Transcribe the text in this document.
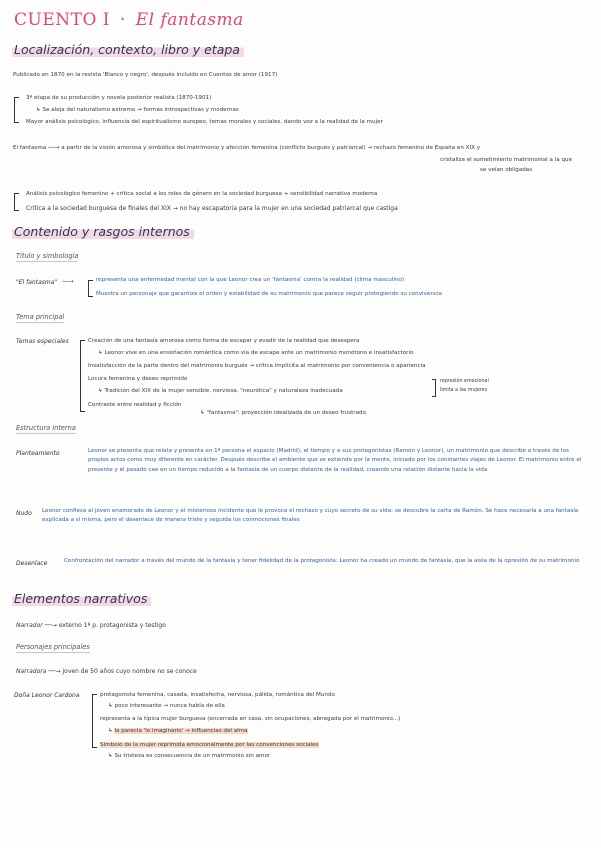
CUENTO I · El fantasma
Localización, contexto, libro y etapa
Publicado en 1870 en la revista 'Blanco y negro', después incluido en Cuentos de amor (1917)
3ª etapa de su producción y novela posterior realista (1870-1901)
↳ Se aleja del naturalismo extremo → formas introspectivas y modernas
Mayor análisis psicológico, influencia del espiritualismo europeo, temas morales y sociales, dando voz a la realidad de la mujer
El fantasma ──→ a partir de la visión amorosa y simbólica del matrimonio y afección femenina (conflicto burgués y patriarcal) → rechazo femenino de España en XIX y
cristaliza el sometimiento matrimonial a la que
se veían obligadas
Análisis psicológico femenino + crítica social a los roles de género en la sociedad burguesa + sensibilidad narrativa moderna
Crítica a la sociedad burguesa de finales del XIX → no hay escapatoria para la mujer en una sociedad patriarcal que castiga
Contenido y rasgos internos
Título y simbología
"El fantasma" ──→	representa una enfermedad mental con la que Leonor crea un 'fantasma' contra la realidad (clima masculino)
Muestra un personaje que garantiza el orden y estabilidad de su matrimonio que parece seguir protegiendo su convivencia
Tema principal
Temas especiales	Creación de una fantasía amorosa como forma de escapar y evadir de la realidad que desespera
↳ Leonor vive en una ensoñación romántica como vía de escape ante un matrimonio monótono e insatisfactorio
Insatisfacción de la parte dentro del matrimonio burgués → crítica implícita al matrimonio por conveniencia o apariencia
Locura femenina y deseo reprimido
↳ Tradición del XIX de la mujer sensible, nerviosa, "neurótica" y naturaleza inadecuada
represión emocional
limita a las mujeres
Contraste entre realidad y ficción
↳ "fantasma": proyección idealizada de un deseo frustrado
Estructura interna
Planteamiento	Leonor se presenta que relata y presenta en 1ª persona el espacio (Madrid), el tiempo y a sus protagonistas (Ramón y Leonor), un matrimonio que describe a través de los propios actos como muy diferente en carácter. Después describe el ambiente que se extiende por la mente, iniciado por los constantes viajes de Leonor. El matrimonio entre el presente y el pasado cae en un tiempo reducido a la fantasía de un cuerpo distante de la realidad, creando una relación distante hacia la vida
Nudo Leonor confiesa al joven enamorado de Leonor y el misterioso incidente que le provoca el rechazo y cuyo secreto de su vida: se descubre la carta de Ramón. Se hace necesaria a una fantasía explicada a sí misma, pero el desenlace de manera triste y seguida los conmociones finales
Desenlace	Confrontación del narrador a través del mundo de la fantasía y tener fidelidad de la protagonista: Leonor ha creado un mundo de fantasía, que la aisla de la opresión de su matrimonio
Elementos narrativos
Narrador ──→ externo 1ª p. protagonista y testigo
Personajes principales
Narradora ──→ joven de 50 años cuyo nombre no se conoce
Doña Leonor Cardona	protagonista femenina, casada, insatisfecha, nerviosa, pálida, romántica del Mundo
↳ poco interesante → nunca habla de ella
representa a la típica mujer burguesa (encerrada en casa, sin ocupaciones, abnegada por el matrimonio...)
↳ la parecía 'lo imaginario' → influencias del alma
Símbolo de la mujer reprimida emocionalmente por las convenciones sociales
↳ Su tristeza es consecuencia de un matrimonio sin amor
